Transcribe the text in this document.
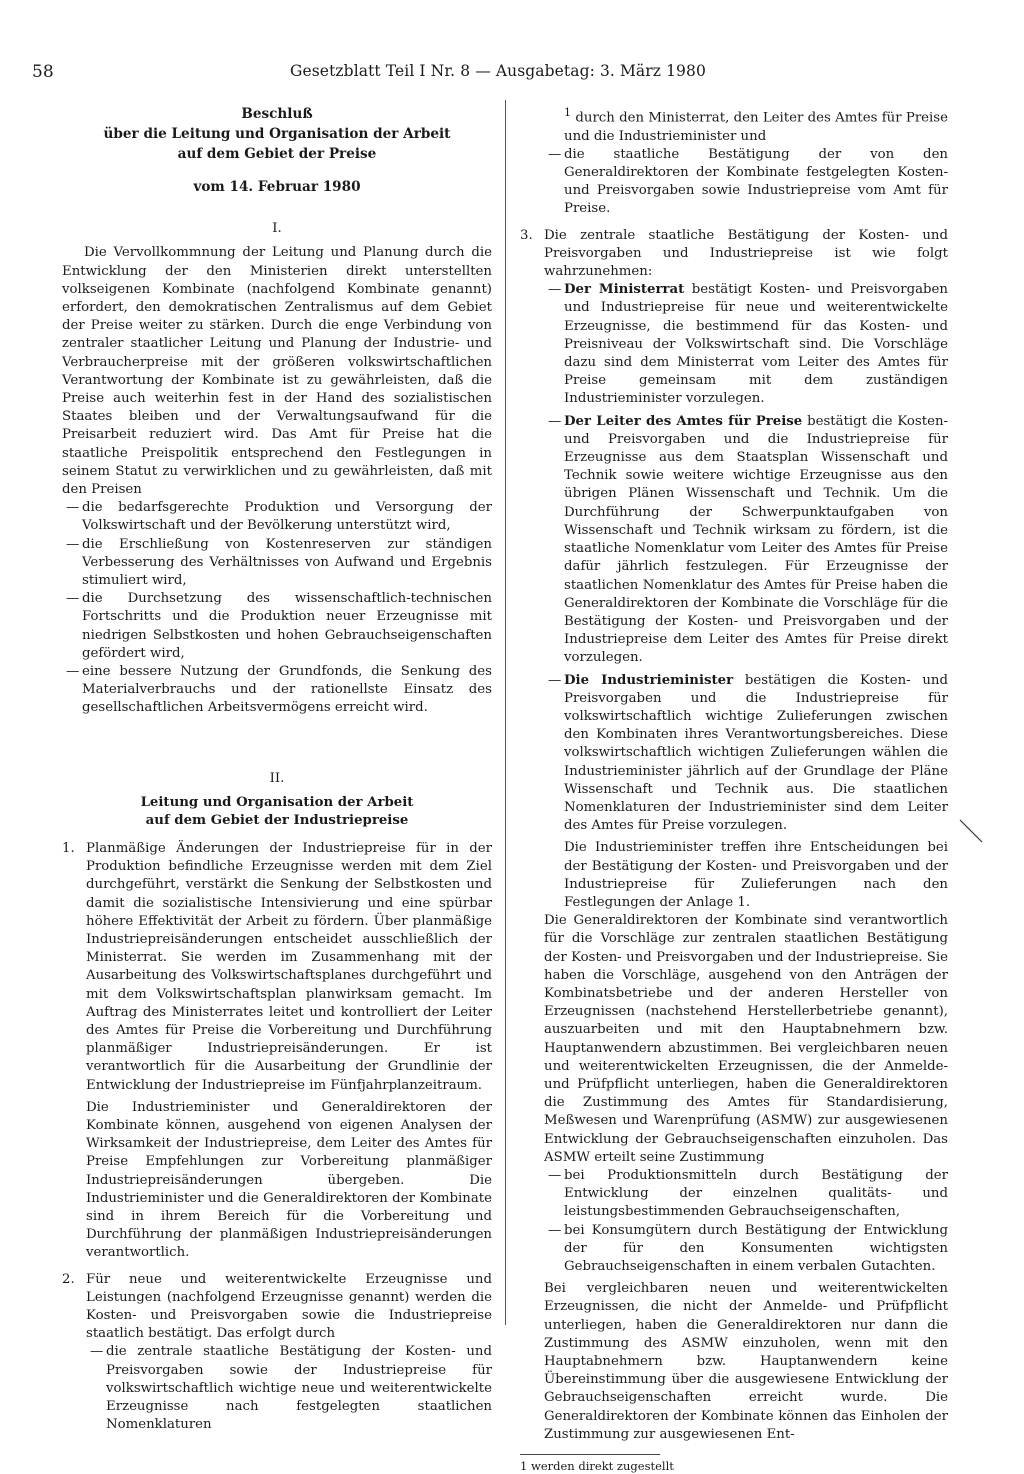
58	Gesetzblatt Teil I Nr. 8 — Ausgabetag: 3. März 1980

Beschluß

über die Leitung und Organisation der Arbeit

auf dem Gebiet der Preise

vom 14. Februar 1980

I.

Die Vervollkommnung der Leitung und Planung durch die Entwicklung der den Ministerien direkt unterstellten volkseigenen Kombinate (nachfolgend Kombinate genannt) erfordert, den demokratischen Zentralismus auf dem Gebiet der Preise weiter zu stärken. Durch die enge Verbindung von zentraler staatlicher Leitung und Planung der Industrie- und Verbraucherpreise mit der größeren volkswirtschaftlichen Verantwortung der Kombinate ist zu gewährleisten, daß die Preise auch weiterhin fest in der Hand des sozialistischen Staates bleiben und der Verwaltungsaufwand für die Preisarbeit reduziert wird. Das Amt für Preise hat die staatliche Preispolitik entsprechend den Festlegungen in seinem Statut zu verwirklichen und zu gewährleisten, daß mit den Preisen

— die bedarfsgerechte Produktion und Versorgung der Volkswirtschaft und der Bevölkerung unterstützt wird,

— die Erschließung von Kostenreserven zur ständigen Verbesserung des Verhältnisses von Aufwand und Ergebnis stimuliert wird,

— die Durchsetzung des wissenschaftlich-technischen Fortschritts und die Produktion neuer Erzeugnisse mit niedrigen Selbstkosten und hohen Gebrauchseigenschaften gefördert wird,

— eine bessere Nutzung der Grundfonds, die Senkung des Materialverbrauchs und der rationellste Einsatz des gesellschaftlichen Arbeitsvermögens erreicht wird.

II.

Leitung und Organisation der Arbeit
auf dem Gebiet der Industriepreise

1. Planmäßige Änderungen der Industriepreise für in der Produktion befindliche Erzeugnisse werden mit dem Ziel durchgeführt, verstärkt die Senkung der Selbstkosten und damit die sozialistische Intensivierung und eine spürbar höhere Effektivität der Arbeit zu fördern. Über planmäßige Industriepreisänderungen entscheidet ausschließlich der Ministerrat. Sie werden im Zusammenhang mit der Ausarbeitung des Volkswirtschaftsplanes durchgeführt und mit dem Volkswirtschaftsplan planwirksam gemacht. Im Auftrag des Ministerrates leitet und kontrolliert der Leiter des Amtes für Preise die Vorbereitung und Durchführung planmäßiger Industriepreisänderungen. Er ist verantwortlich für die Ausarbeitung der Grundlinie der Entwicklung der Industriepreise im Fünfjahrplanzeitraum.

Die Industrieminister und Generaldirektoren der Kombinate können, ausgehend von eigenen Analysen der Wirksamkeit der Industriepreise, dem Leiter des Amtes für Preise Empfehlungen zur Vorbereitung planmäßiger Industriepreisänderungen übergeben. Die Industrieminister und die Generaldirektoren der Kombinate sind in ihrem Bereich für die Vorbereitung und Durchführung der planmäßigen Industriepreisänderungen verantwortlich.

2. Für neue und weiterentwickelte Erzeugnisse und Leistungen (nachfolgend Erzeugnisse genannt) werden die Kosten- und Preisvorgaben sowie die Industriepreise staatlich bestätigt. Das erfolgt durch

— die zentrale staatliche Bestätigung der Kosten- und Preisvorgaben sowie der Industriepreise für volkswirtschaftlich wichtige neue und weiterentwickelte Erzeugnisse nach festgelegten staatlichen Nomenklaturen

$^1$ durch den Ministerrat, den Leiter des Amtes für Preise und die Industrieminister und

— die staatliche Bestätigung der von den Generaldirektoren der Kombinate festgelegten Kosten- und Preisvorgaben sowie Industriepreise vom Amt für Preise.

3. Die zentrale staatliche Bestätigung der Kosten- und Preisvorgaben und Industriepreise ist wie folgt wahrzunehmen:

— Der Ministerrat bestätigt Kosten- und Preisvorgaben und Industriepreise für neue und weiterentwickelte Erzeugnisse, die bestimmend für das Kosten- und Preisniveau der Volkswirtschaft sind. Die Vorschläge dazu sind dem Ministerrat vom Leiter des Amtes für Preise gemeinsam mit dem zuständigen Industrieminister vorzulegen.

— Der Leiter des Amtes für Preise bestätigt die Kosten- und Preisvorgaben und die Industriepreise für Erzeugnisse aus dem Staatsplan Wissenschaft und Technik sowie weitere wichtige Erzeugnisse aus den übrigen Plänen Wissenschaft und Technik. Um die Durchführung der Schwerpunktaufgaben von Wissenschaft und Technik wirksam zu fördern, ist die staatliche Nomenklatur vom Leiter des Amtes für Preise dafür jährlich festzulegen. Für Erzeugnisse der staatlichen Nomenklatur des Amtes für Preise haben die Generaldirektoren der Kombinate die Vorschläge für die Bestätigung der Kosten- und Preisvorgaben und der Industriepreise dem Leiter des Amtes für Preise direkt vorzulegen.

— Die Industrieminister bestätigen die Kosten- und Preisvorgaben und die Industriepreise für volkswirtschaftlich wichtige Zulieferungen zwischen den Kombinaten ihres Verantwortungsbereiches. Diese volkswirtschaftlich wichtigen Zulieferungen wählen die Industrieminister jährlich auf der Grundlage der Pläne Wissenschaft und Technik aus. Die staatlichen Nomenklaturen der Industrieminister sind dem Leiter des Amtes für Preise vorzulegen.

Die Industrieminister treffen ihre Entscheidungen bei der Bestätigung der Kosten- und Preisvorgaben und der Industriepreise für Zulieferungen nach den Festlegungen der Anlage 1.

Die Generaldirektoren der Kombinate sind verantwortlich für die Vorschläge zur zentralen staatlichen Bestätigung der Kosten- und Preisvorgaben und der Industriepreise. Sie haben die Vorschläge, ausgehend von den Anträgen der Kombinatsbetriebe und der anderen Hersteller von Erzeugnissen (nachstehend Herstellerbetriebe genannt), auszuarbeiten und mit den Hauptabnehmern bzw. Hauptanwendern abzustimmen. Bei vergleichbaren neuen und weiterentwickelten Erzeugnissen, die der Anmelde- und Prüfpflicht unterliegen, haben die Generaldirektoren die Zustimmung des Amtes für Standardisierung, Meßwesen und Warenprüfung (ASMW) zur ausgewiesenen Entwicklung der Gebrauchseigenschaften einzuholen. Das ASMW erteilt seine Zustimmung

— bei Produktionsmitteln durch Bestätigung der Entwicklung der einzelnen qualitäts- und leistungsbestimmenden Gebrauchseigenschaften,

— bei Konsumgütern durch Bestätigung der Entwicklung der für den Konsumenten wichtigsten Gebrauchseigenschaften in einem verbalen Gutachten.

Bei vergleichbaren neuen und weiterentwickelten Erzeugnissen, die nicht der Anmelde- und Prüfpflicht unterliegen, haben die Generaldirektoren nur dann die Zustimmung des ASMW einzuholen, wenn mit den Hauptabnehmern bzw. Hauptanwendern keine Übereinstimmung über die ausgewiesene Entwicklung der Gebrauchseigenschaften erreicht wurde. Die Generaldirektoren der Kombinate können das Einholen der Zustimmung zur ausgewiesenen Ent-

1 werden direkt zugestellt
